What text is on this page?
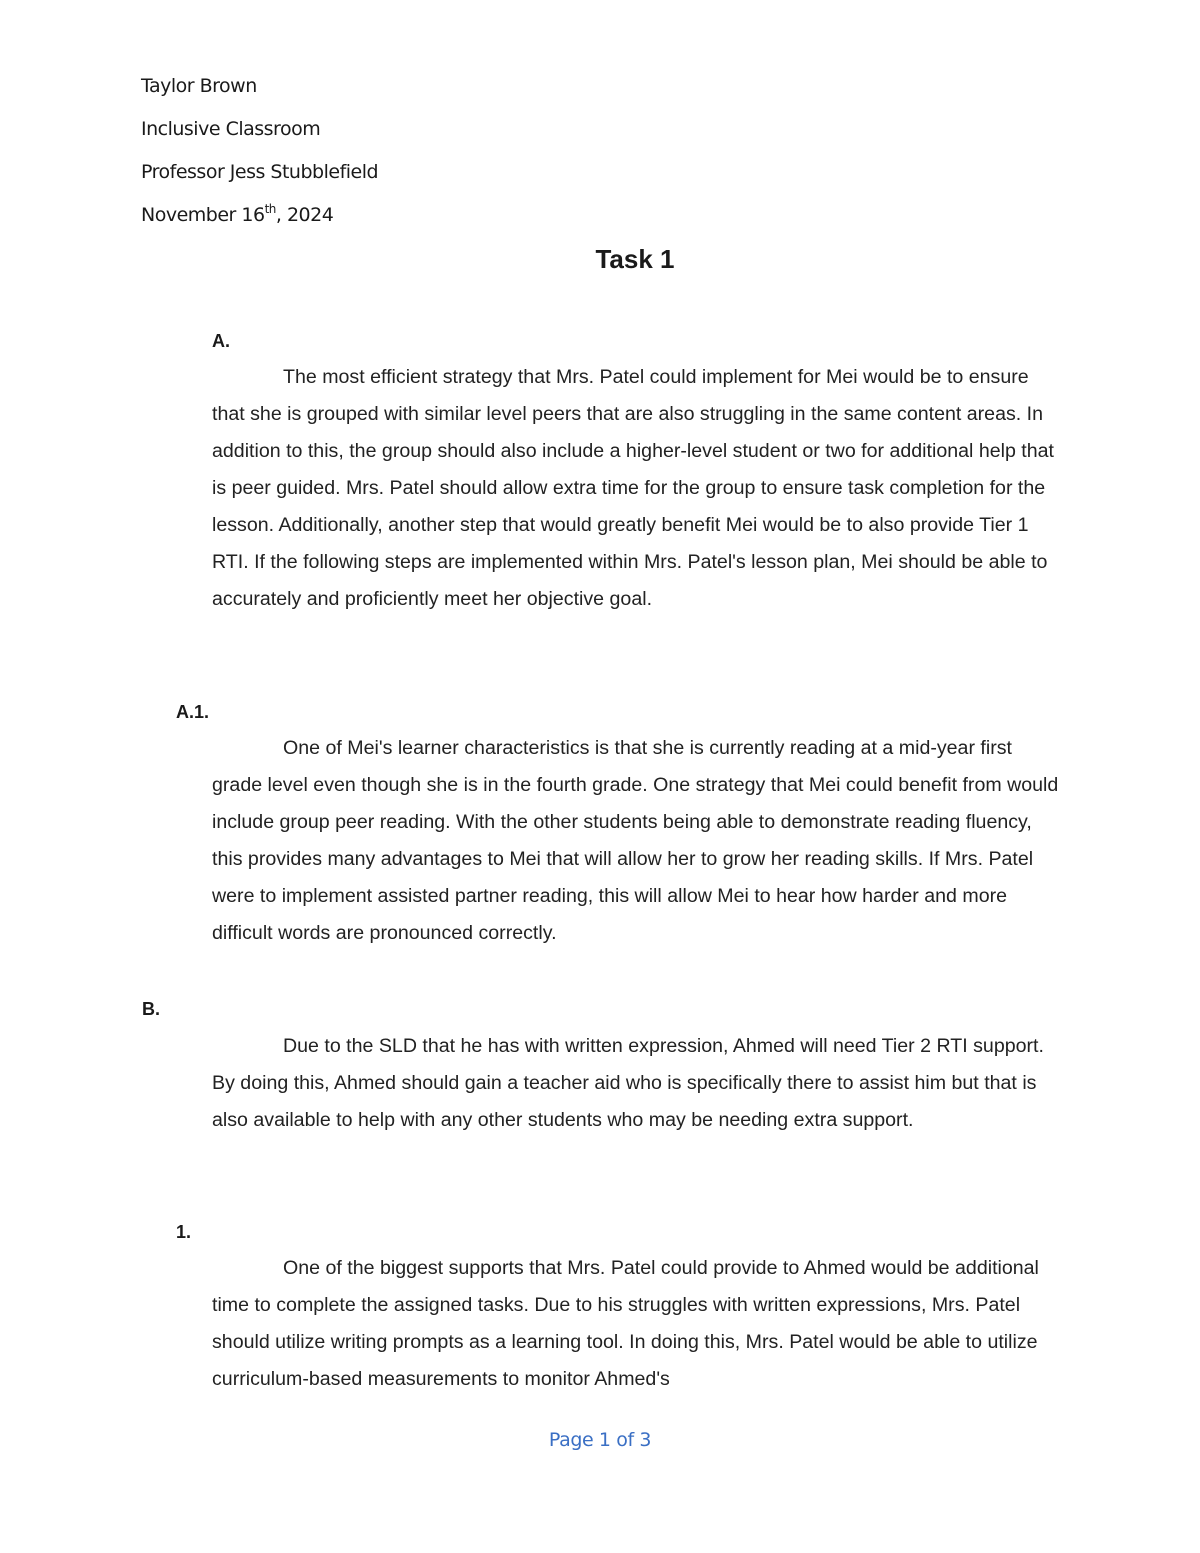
Taylor Brown

Inclusive Classroom

Professor Jess Stubblefield

November 16th, 2024

Task 1

A.

The most efficient strategy that Mrs. Patel could implement for Mei would be to ensure that she is grouped with similar level peers that are also struggling in the same content areas. In addition to this, the group should also include a higher-level student or two for additional help that is peer guided. Mrs. Patel should allow extra time for the group to ensure task completion for the lesson. Additionally, another step that would greatly benefit Mei would be to also provide Tier 1 RTI. If the following steps are implemented within Mrs. Patel's lesson plan, Mei should be able to accurately and proficiently meet her objective goal.

A.1.

One of Mei's learner characteristics is that she is currently reading at a mid-year first grade level even though she is in the fourth grade. One strategy that Mei could benefit from would include group peer reading. With the other students being able to demonstrate reading fluency, this provides many advantages to Mei that will allow her to grow her reading skills. If Mrs. Patel were to implement assisted partner reading, this will allow Mei to hear how harder and more difficult words are pronounced correctly.

B.

Due to the SLD that he has with written expression, Ahmed will need Tier 2 RTI support. By doing this, Ahmed should gain a teacher aid who is specifically there to assist him but that is also available to help with any other students who may be needing extra support.

1.

One of the biggest supports that Mrs. Patel could provide to Ahmed would be additional time to complete the assigned tasks. Due to his struggles with written expressions, Mrs. Patel should utilize writing prompts as a learning tool. In doing this, Mrs. Patel would be able to utilize curriculum-based measurements to monitor Ahmed's

Page 1 of 3
